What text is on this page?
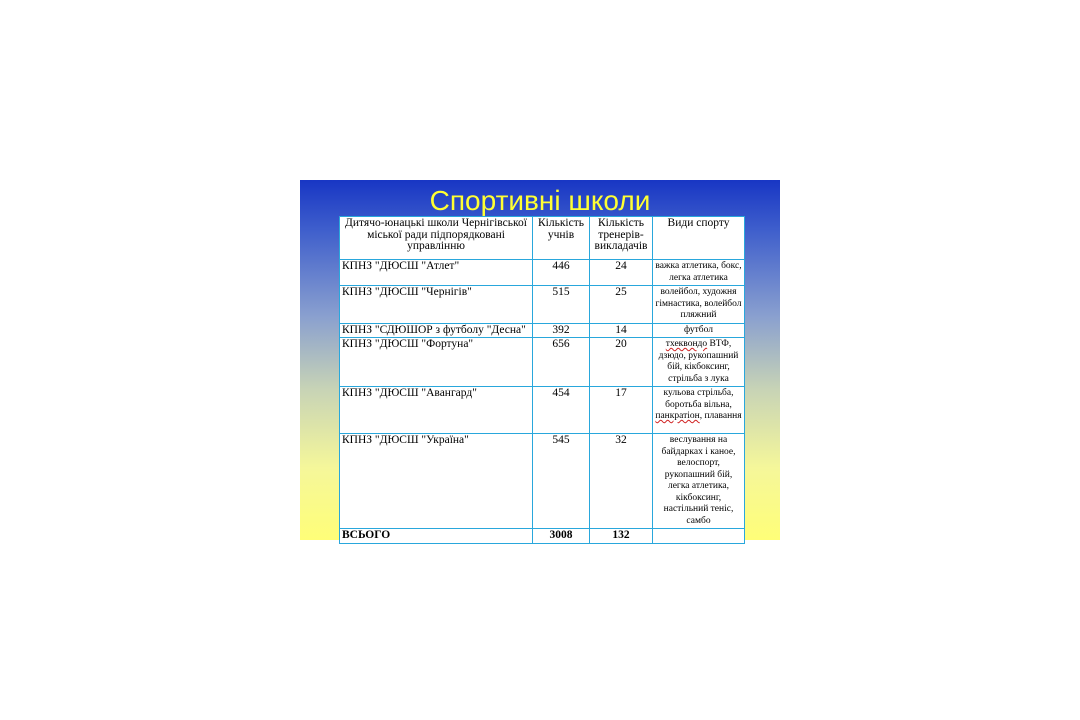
Спортивні школи
Дитячо-юнацькі школи Чернігівської міської ради підпорядковані управлінню	Кількість учнів	Кількість тренерів-викладачів	Види спорту
КПНЗ "ДЮСШ "Атлет"	446	24	важка атлетика, бокс, легка атлетика
КПНЗ "ДЮСШ "Чернігів"	515	25	волейбол, художня гімнастика, волейбол пляжний
КПНЗ "СДЮШОР з футболу "Десна"	392	14	футбол
КПНЗ "ДЮСШ "Фортуна"	656	20	тхеквондо ВТФ, дзюдо, рукопашний бій, кікбоксинг, стрільба з лука
КПНЗ "ДЮСШ "Авангард"	454	17	кульова стрільба, боротьба вільна, панкратіон, плавання
КПНЗ "ДЮСШ "Україна"	545	32	веслування на байдарках і каное, велоспорт, рукопашний бій, легка атлетика, кікбоксинг, настільний теніс, самбо
ВСЬОГО	3008	132	
